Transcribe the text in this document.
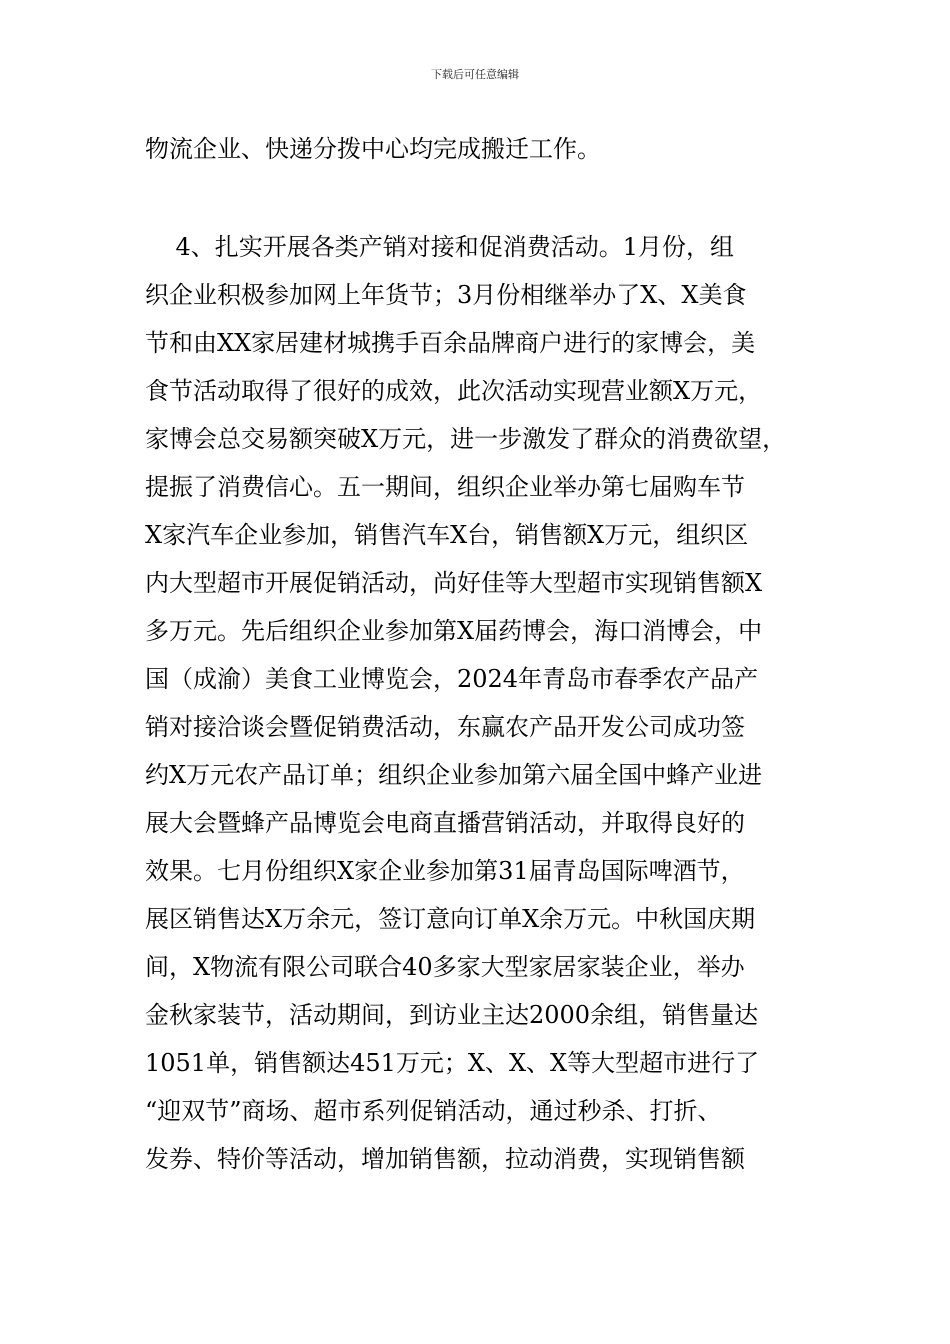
下载后可任意编辑
物流企业、快递分拨中心均完成搬迁工作。
4、扎实开展各类产销对接和促消费活动。1月份，组
织企业积极参加网上年货节；3月份相继举办了X、X美食
节和由XX家居建材城携手百余品牌商户进行的家博会，美
食节活动取得了很好的成效，此次活动实现营业额X万元，
家博会总交易额突破X万元，进一步激发了群众的消费欲望，
提振了消费信心。五一期间，组织企业举办第七届购车节
X家汽车企业参加，销售汽车X台，销售额X万元，组织区
内大型超市开展促销活动，尚好佳等大型超市实现销售额X
多万元。先后组织企业参加第X届药博会，海口消博会，中
国（成渝）美食工业博览会，2024年青岛市春季农产品产
销对接洽谈会暨促销费活动，东赢农产品开发公司成功签
约X万元农产品订单；组织企业参加第六届全国中蜂产业进
展大会暨蜂产品博览会电商直播营销活动，并取得良好的
效果。七月份组织X家企业参加第31届青岛国际啤酒节，
展区销售达X万余元，签订意向订单X余万元。中秋国庆期
间，X物流有限公司联合40多家大型家居家装企业，举办
金秋家装节，活动期间，到访业主达2000余组，销售量达
1051单，销售额达451万元；X、X、X等大型超市进行了
“迎双节”商场、超市系列促销活动，通过秒杀、打折、
发券、特价等活动，增加销售额，拉动消费，实现销售额
